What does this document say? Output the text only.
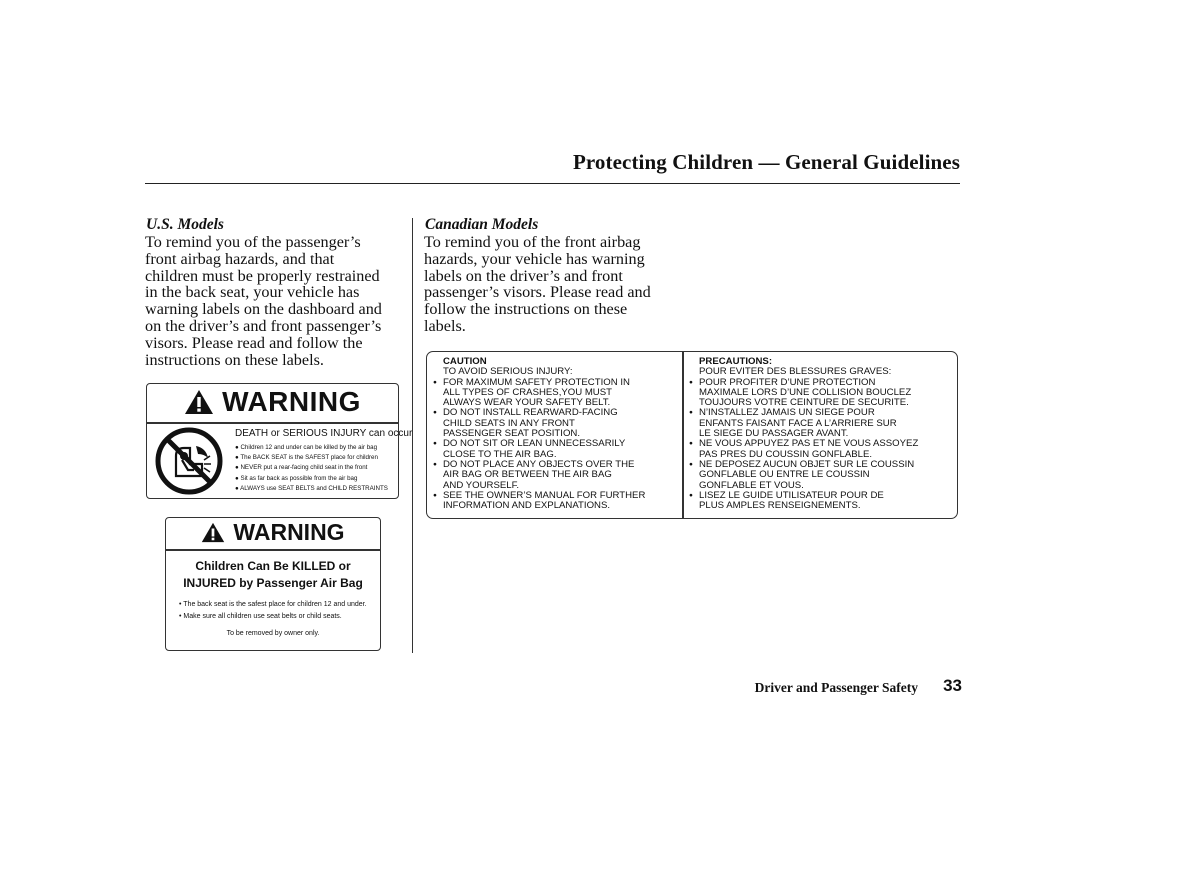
Protecting Children — General Guidelines
U.S. Models
To remind you of the passenger’s
front airbag hazards, and that
children must be properly restrained
in the back seat, your vehicle has
warning labels on the dashboard and
on the driver’s and front passenger’s
visors. Please read and follow the
instructions on these labels.
Canadian Models
To remind you of the front airbag
hazards, your vehicle has warning
labels on the driver’s and front
passenger’s visors. Please read and
follow the instructions on these
labels.
WARNING
DEATH or SERIOUS INJURY can occur
● Children 12 and under can be killed by the air bag
● The BACK SEAT is the SAFEST place for children
● NEVER put a rear-facing child seat in the front
● Sit as far back as possible from the air bag
● ALWAYS use SEAT BELTS and CHILD RESTRAINTS
WARNING
Children Can Be KILLED or
INJURED by Passenger Air Bag
• The back seat is the safest place for children 12 and under.
• Make sure all children use seat belts or child seats.
To be removed by owner only.
CAUTION
TO AVOID SERIOUS INJURY:
● FOR MAXIMUM SAFETY PROTECTION IN
ALL TYPES OF CRASHES,YOU MUST
ALWAYS WEAR YOUR SAFETY BELT.
● DO NOT INSTALL REARWARD-FACING
CHILD SEATS IN ANY FRONT
PASSENGER SEAT POSITION.
● DO NOT SIT OR LEAN UNNECESSARILY
CLOSE TO THE AIR BAG.
● DO NOT PLACE ANY OBJECTS OVER THE
AIR BAG OR BETWEEN THE AIR BAG
AND YOURSELF.
● SEE THE OWNER’S MANUAL FOR FURTHER
INFORMATION AND EXPLANATIONS.
PRECAUTIONS:
POUR EVITER DES BLESSURES GRAVES:
● POUR PROFITER D’UNE PROTECTION
MAXIMALE LORS D’UNE COLLISION BOUCLEZ
TOUJOURS VOTRE CEINTURE DE SECURITE.
● N’INSTALLEZ JAMAIS UN SIEGE POUR
ENFANTS FAISANT FACE A L’ARRIERE SUR
LE SIEGE DU PASSAGER AVANT.
● NE VOUS APPUYEZ PAS ET NE VOUS ASSOYEZ
PAS PRES DU COUSSIN GONFLABLE.
● NE DEPOSEZ AUCUN OBJET SUR LE COUSSIN
GONFLABLE OU ENTRE LE COUSSIN
GONFLABLE ET VOUS.
● LISEZ LE GUIDE UTILISATEUR POUR DE
PLUS AMPLES RENSEIGNEMENTS.
Driver and Passenger Safety 33
